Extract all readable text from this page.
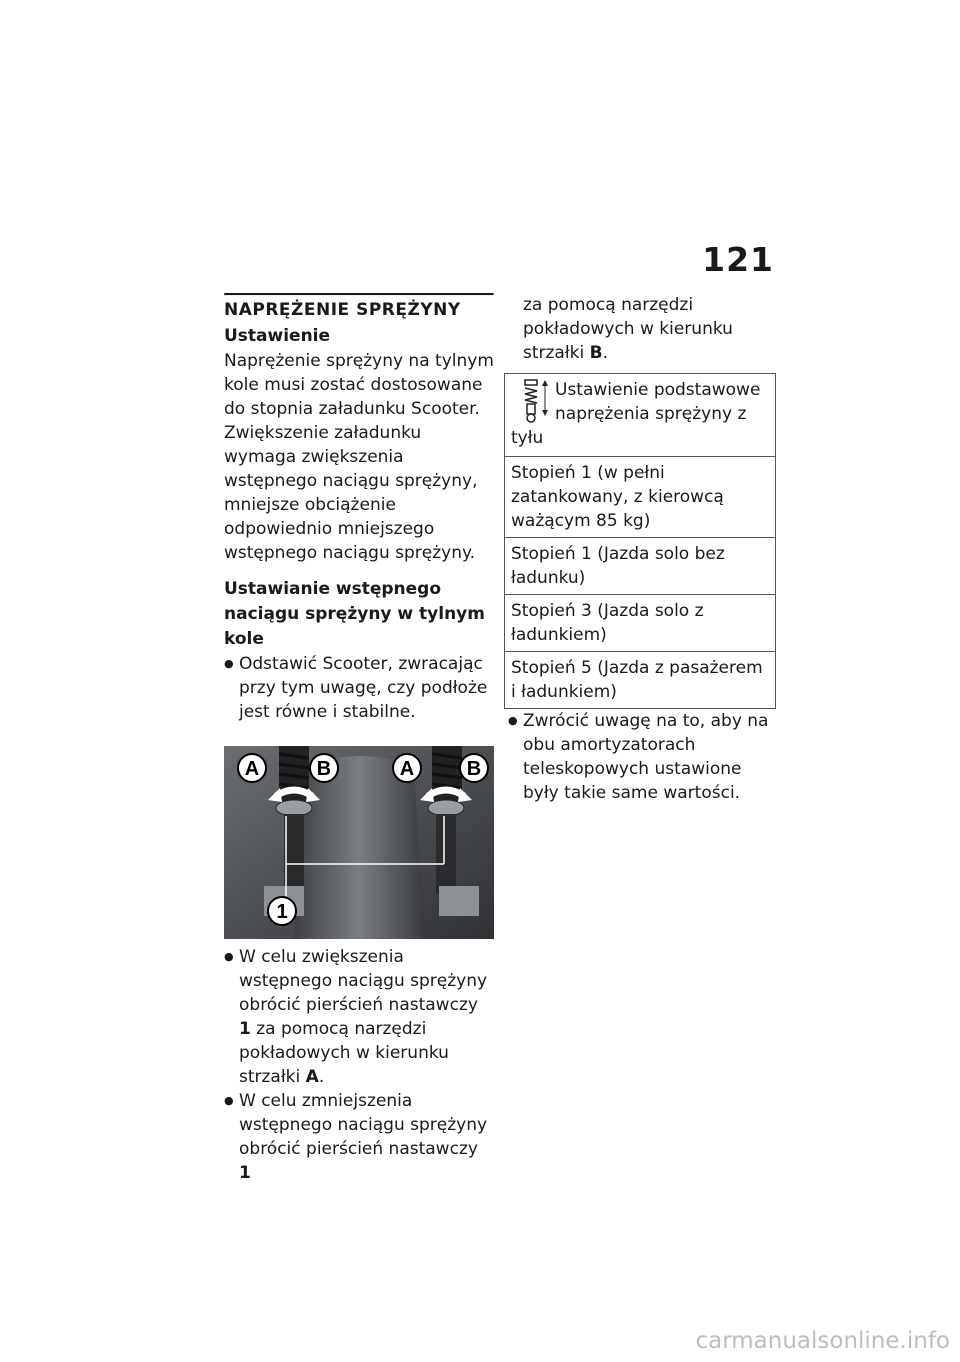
121
NAPRĘŻENIE SPRĘŻYNY
Ustawienie

Naprężenie sprężyny na tylnym kole musi zostać dostosowane do stopnia załadunku Scooter. Zwiększenie załadunku wymaga zwiększenia wstępnego naciągu sprężyny, mniejsze obciążenie odpowiednio mniejszego wstępnego naciągu sprężyny.

Ustawianie wstępnego naciągu sprężyny w tylnym kole
● Odstawić Scooter, zwracając przy tym uwagę, czy podłoże jest równe i stabilne.
A	B	A	B
1
● W celu zwiększenia wstępnego naciągu sprężyny obrócić pierścień nastawczy 1 za pomocą narzędzi pokładowych w kierunku strzałki A.
● W celu zmniejszenia wstępnego naciągu sprężyny obrócić pierścień nastawczy 1

za pomocą narzędzi pokładowych w kierunku strzałki B.

Ustawienie podstawowe naprężenia sprężyny z tyłu
Stopień 1 (w pełni zatankowany, z kierowcą ważącym 85 kg)
Stopień 1 (Jazda solo bez ładunku)
Stopień 3 (Jazda solo z ładunkiem)
Stopień 5 (Jazda z pasażerem i ładunkiem)
● Zwrócić uwagę na to, aby na obu amortyzatorach teleskopowych ustawione były takie same wartości.
carmanualsonline.info
